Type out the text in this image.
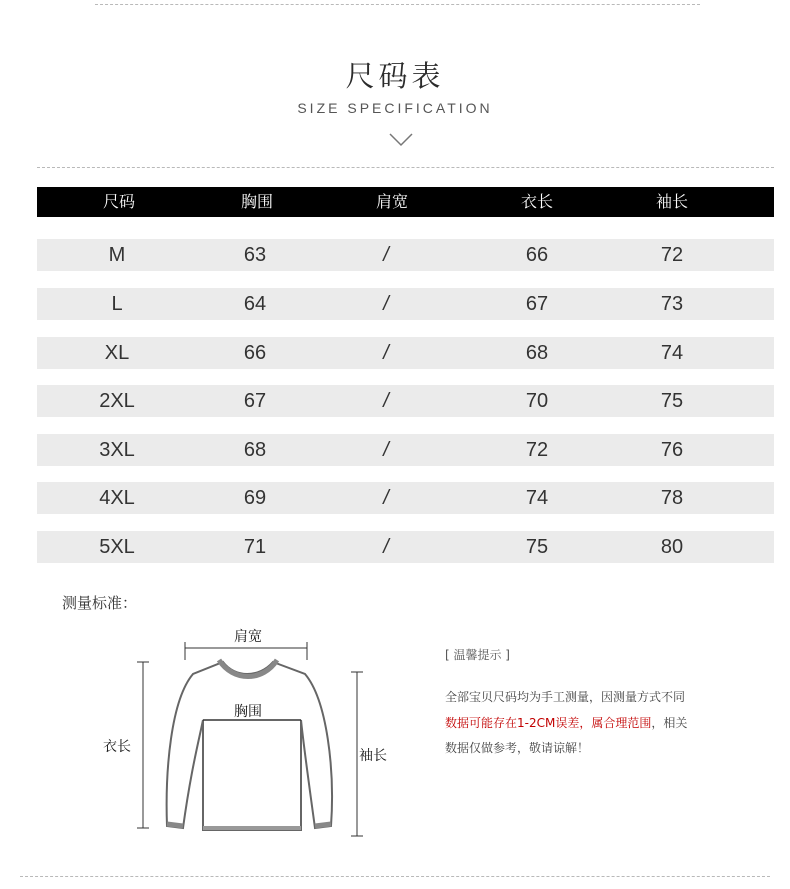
尺码表
SIZE SPECIFICATION
尺码	胸围	肩宽	衣长	袖长
M	63	/	66	72
L	64	/	67	73
XL	66	/	68	74
2XL	67	/	70	75
3XL	68	/	72	76
4XL	69	/	74	78
5XL	71	/	75	80
测量标准：
肩宽
胸围
衣长
袖长
[ 温馨提示 ]
全部宝贝尺码均为手工测量，因测量方式不同
数据可能存在1-2CM误差，属合理范围，相关
数据仅做参考，敬请谅解！
